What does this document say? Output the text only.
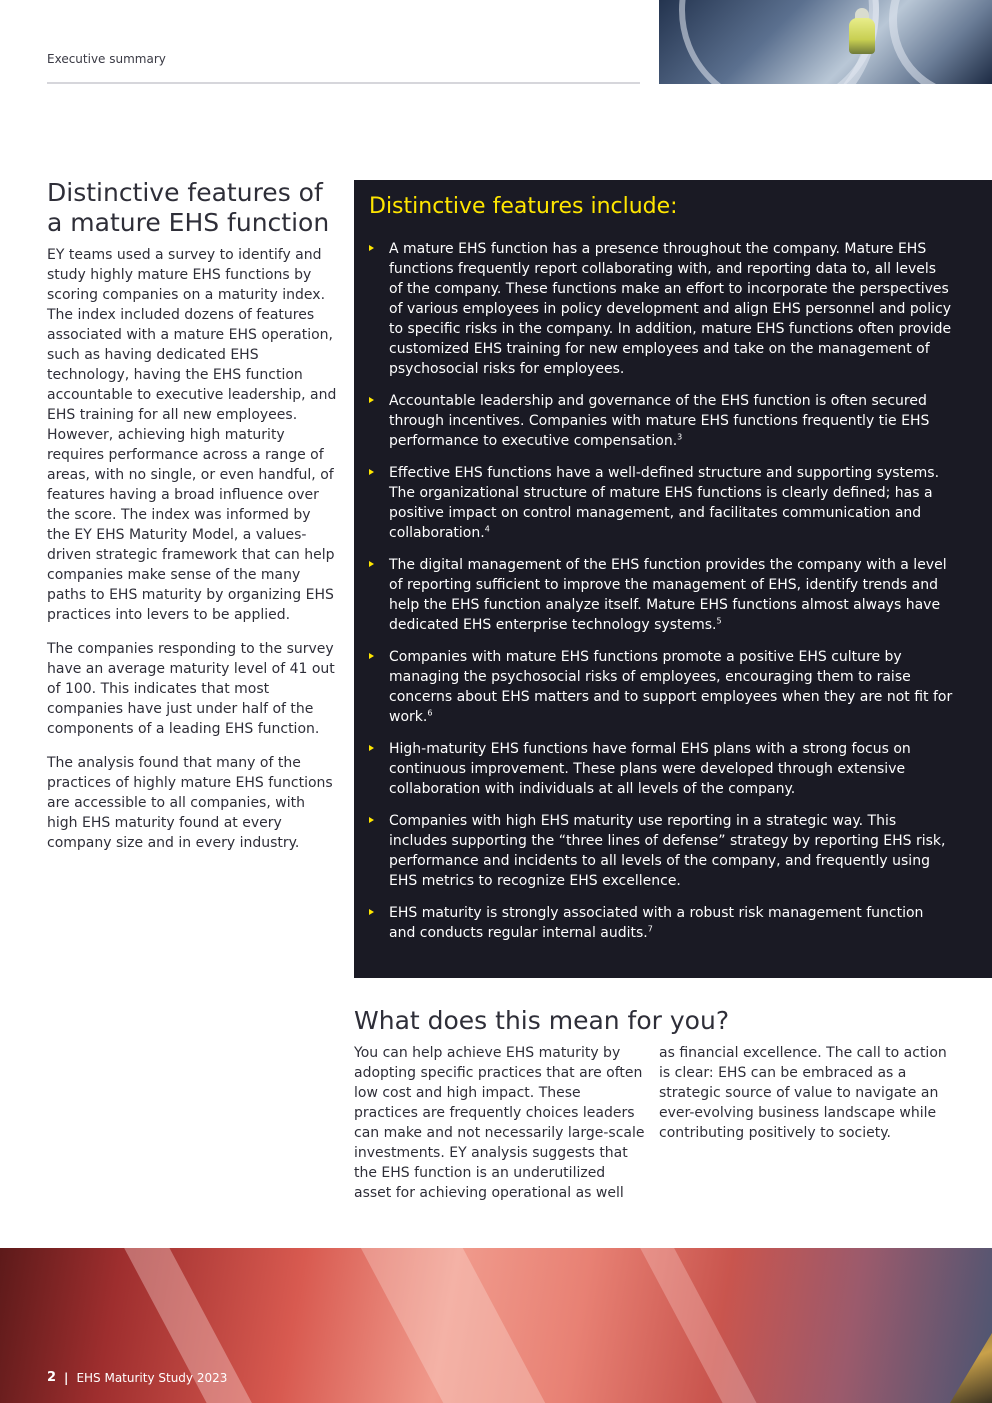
Executive summary
Distinctive features of a mature EHS function

EY teams used a survey to identify and study highly mature EHS functions by scoring companies on a maturity index. The index included dozens of features associated with a mature EHS operation, such as having dedicated EHS technology, having the EHS function accountable to executive leadership, and EHS training for all new employees. However, achieving high maturity requires performance across a range of areas, with no single, or even handful, of features having a broad influence over the score. The index was informed by the EY EHS Maturity Model, a values-driven strategic framework that can help companies make sense of the many paths to EHS maturity by organizing EHS practices into levers to be applied.

The companies responding to the survey have an average maturity level of 41 out of 100. This indicates that most companies have just under half of the components of a leading EHS function.

The analysis found that many of the practices of highly mature EHS functions are accessible to all companies, with high EHS maturity found at every company size and in every industry.

Distinctive features include:
A mature EHS function has a presence throughout the company. Mature EHS functions frequently report collaborating with, and reporting data to, all levels of the company. These functions make an effort to incorporate the perspectives of various employees in policy development and align EHS personnel and policy to specific risks in the company. In addition, mature EHS functions often provide customized EHS training for new employees and take on the management of psychosocial risks for employees.
Accountable leadership and governance of the EHS function is often secured through incentives. Companies with mature EHS functions frequently tie EHS performance to executive compensation.$^3$
Effective EHS functions have a well-defined structure and supporting systems. The organizational structure of mature EHS functions is clearly defined; has a positive impact on control management, and facilitates communication and collaboration.$^4$
The digital management of the EHS function provides the company with a level of reporting sufficient to improve the management of EHS, identify trends and help the EHS function analyze itself. Mature EHS functions almost always have dedicated EHS enterprise technology systems.$^5$
Companies with mature EHS functions promote a positive EHS culture by managing the psychosocial risks of employees, encouraging them to raise concerns about EHS matters and to support employees when they are not fit for work.$^6$
High-maturity EHS functions have formal EHS plans with a strong focus on continuous improvement. These plans were developed through extensive collaboration with individuals at all levels of the company.
Companies with high EHS maturity use reporting in a strategic way. This includes supporting the “three lines of defense” strategy by reporting EHS risk, performance and incidents to all levels of the company, and frequently using EHS metrics to recognize EHS excellence.
EHS maturity is strongly associated with a robust risk management function and conducts regular internal audits.$^7$
What does this mean for you?
You can help achieve EHS maturity by adopting specific practices that are often low cost and high impact. These practices are frequently choices leaders can make and not necessarily large-scale investments. EY analysis suggests that the EHS function is an underutilized asset for achieving operational as well
as financial excellence. The call to action is clear: EHS can be embraced as a strategic source of value to navigate an ever-evolving business landscape while contributing positively to society.
2 | EHS Maturity Study 2023
